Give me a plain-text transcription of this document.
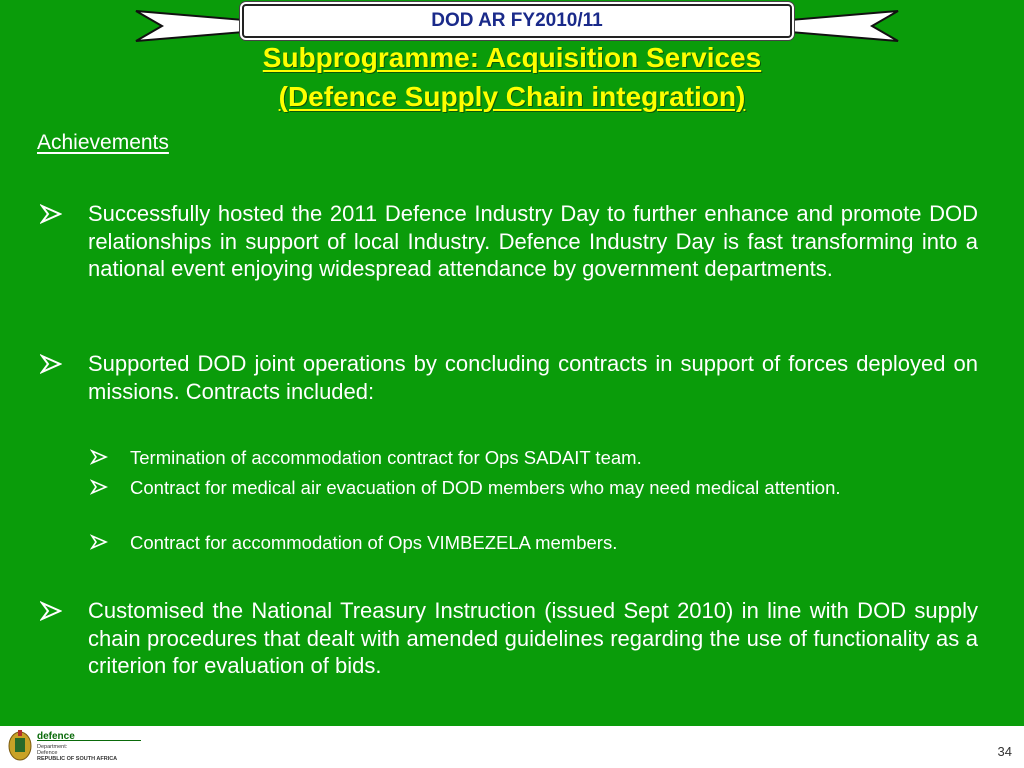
DOD AR FY2010/11
Subprogramme: Acquisition Services
(Defence Supply Chain integration)
Achievements
Successfully hosted the 2011 Defence Industry Day to further enhance and promote DOD relationships in support of local Industry. Defence Industry Day is fast transforming into a national event enjoying widespread attendance by government departments.
Supported DOD joint operations by concluding contracts in support of forces deployed on missions. Contracts included:
Termination of accommodation contract for Ops SADAIT team.
Contract for medical air evacuation of DOD members who may need medical attention.
Contract for accommodation of Ops VIMBEZELA members.
Customised the National Treasury Instruction (issued Sept 2010) in line with DOD supply chain procedures that dealt with amended guidelines regarding the use of functionality as a criterion for evaluation of bids.
defence
Department:
Defence
REPUBLIC OF SOUTH AFRICA	34
